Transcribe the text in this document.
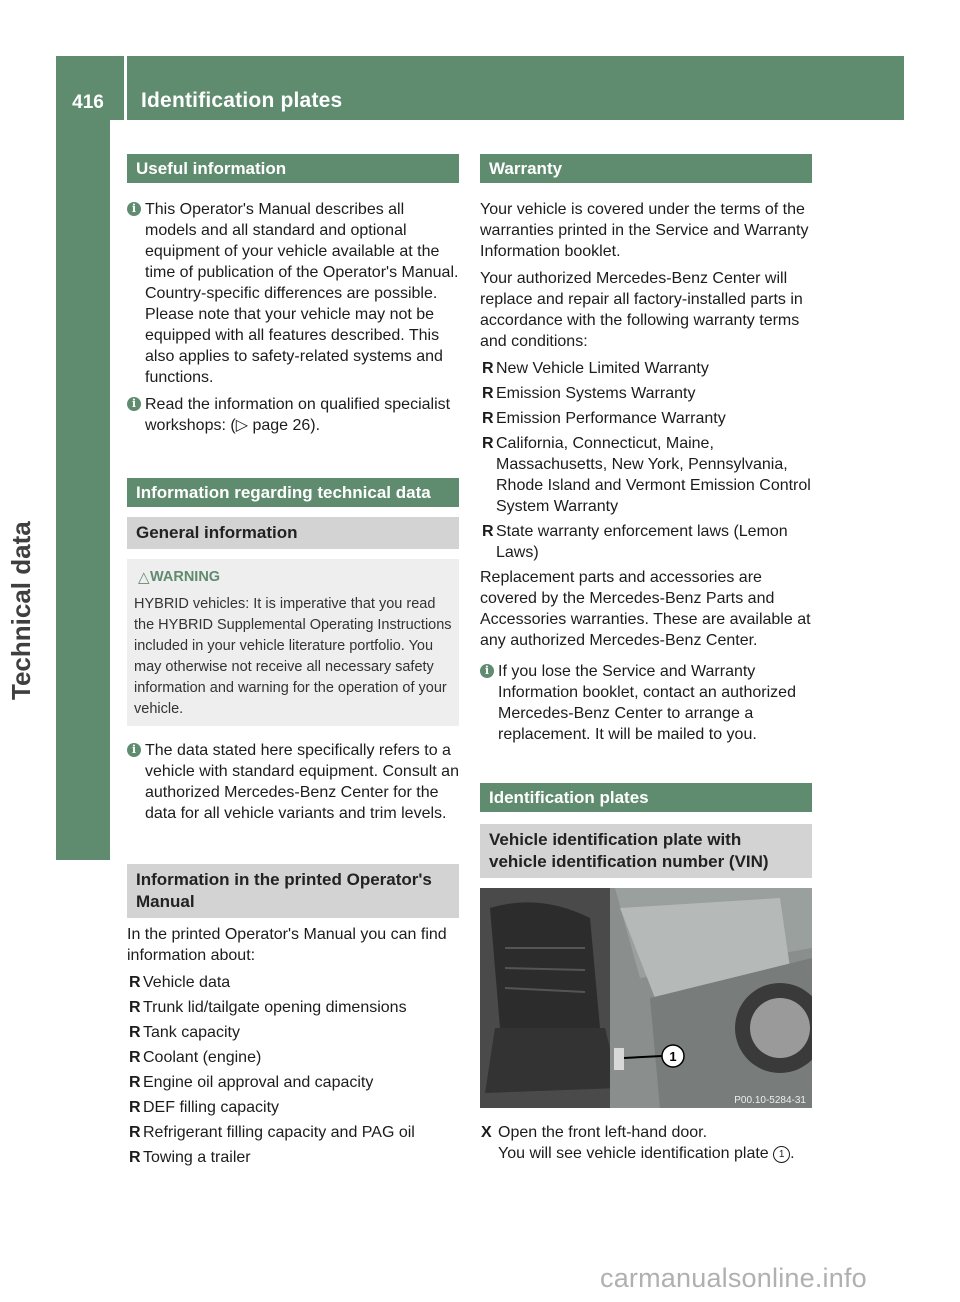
416	Identification plates
Technical data
Useful information
i This Operator's Manual describes all models and all standard and optional equipment of your vehicle available at the time of publication of the Operator's Manual. Country-specific differences are possible. Please note that your vehicle may not be equipped with all features described. This also applies to safety-related systems and functions.
i Read the information on qualified specialist workshops: (▷ page 26).
Information regarding technical data
General information
△ WARNING
HYBRID vehicles: It is imperative that you read the HYBRID Supplemental Operating Instructions included in your vehicle literature portfolio. You may otherwise not receive all necessary safety information and warning for the operation of your vehicle.
i The data stated here specifically refers to a vehicle with standard equipment. Consult an authorized Mercedes-Benz Center for the data for all vehicle variants and trim levels.
Information in the printed Operator's Manual
In the printed Operator's Manual you can find information about:
R Vehicle data
R Trunk lid/tailgate opening dimensions
R Tank capacity
R Coolant (engine)
R Engine oil approval and capacity
R DEF filling capacity
R Refrigerant filling capacity and PAG oil
R Towing a trailer
Warranty
Your vehicle is covered under the terms of the warranties printed in the Service and Warranty Information booklet.
Your authorized Mercedes-Benz Center will replace and repair all factory-installed parts in accordance with the following warranty terms and conditions:
R New Vehicle Limited Warranty
R Emission Systems Warranty
R Emission Performance Warranty
R California, Connecticut, Maine, Massachusetts, New York, Pennsylvania, Rhode Island and Vermont Emission Control System Warranty
R State warranty enforcement laws (Lemon Laws)
Replacement parts and accessories are covered by the Mercedes-Benz Parts and Accessories warranties. These are available at any authorized Mercedes-Benz Center.
i If you lose the Service and Warranty Information booklet, contact an authorized Mercedes-Benz Center to arrange a replacement. It will be mailed to you.
Identification plates
Vehicle identification plate with vehicle identification number (VIN)
1
P00.10-5284-31
X Open the front left-hand door.
You will see vehicle identification plate 1 .
carmanualsonline.info
